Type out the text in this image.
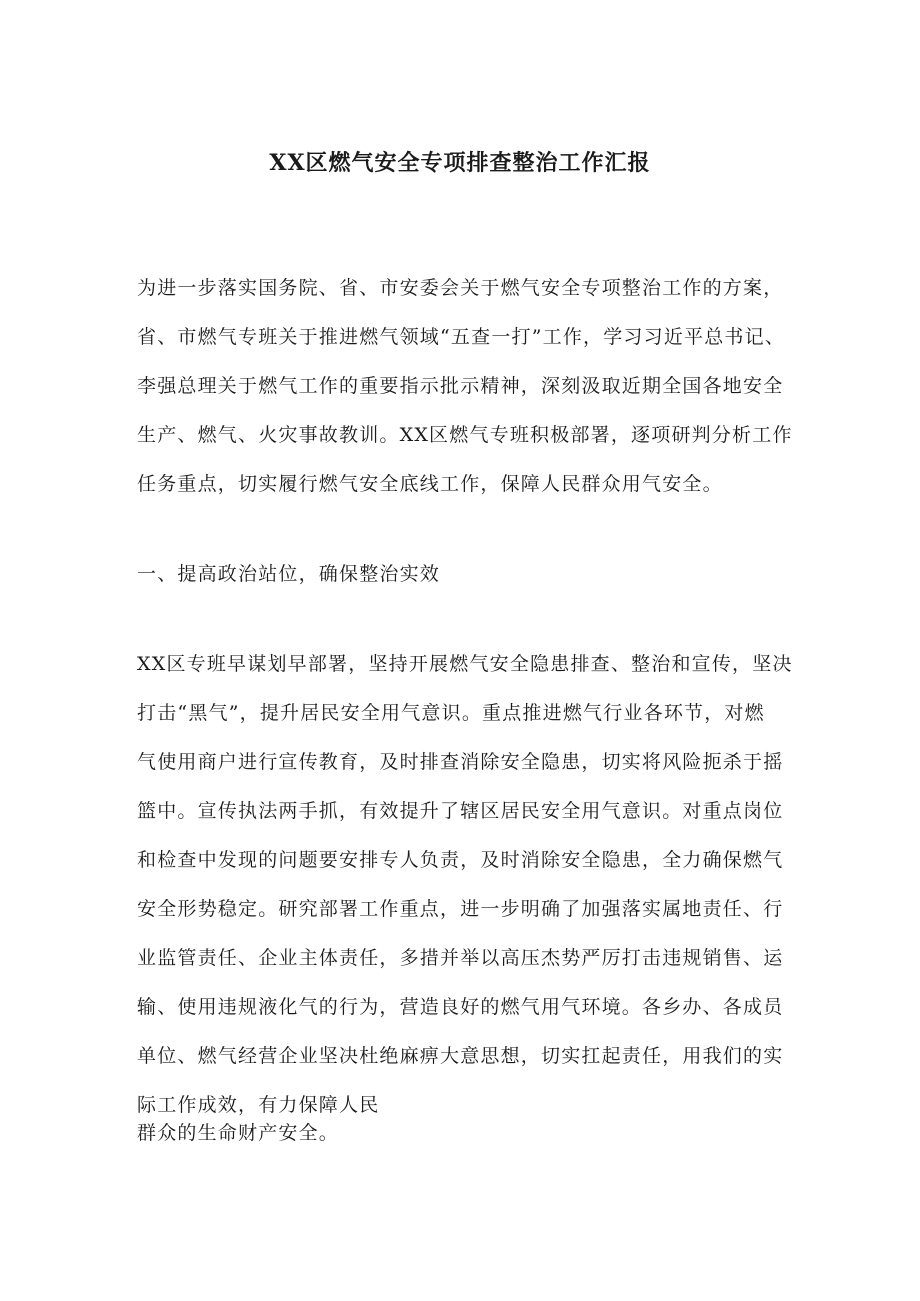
XX区燃气安全专项排查整治工作汇报

为进一步落实国务院、省、市安委会关于燃气安全专项整治工作的方案，
省、市燃气专班关于推进燃气领域“五查一打”工作，学习习近平总书记、
李强总理关于燃气工作的重要指示批示精神，深刻汲取近期全国各地安全
生产、燃气、火灾事故教训。XX区燃气专班积极部署，逐项研判分析工作
任务重点，切实履行燃气安全底线工作，保障人民群众用气安全。

一、提高政治站位，确保整治实效

XX区专班早谋划早部署，坚持开展燃气安全隐患排查、整治和宣传，坚决
打击“黑气”，提升居民安全用气意识。重点推进燃气行业各环节，对燃
气使用商户进行宣传教育，及时排查消除安全隐患，切实将风险扼杀于摇
篮中。宣传执法两手抓，有效提升了辖区居民安全用气意识。对重点岗位
和检查中发现的问题要安排专人负责，及时消除安全隐患，全力确保燃气
安全形势稳定。研究部署工作重点，进一步明确了加强落实属地责任、行
业监管责任、企业主体责任，多措并举以高压杰势严厉打击违规销售、运
输、使用违规液化气的行为，营造良好的燃气用气环境。各乡办、各成员
单位、燃气经营企业坚决杜绝麻痹大意思想，切实扛起责任，用我们的实
际工作成效，有力保障人民

群众的生命财产安全。
